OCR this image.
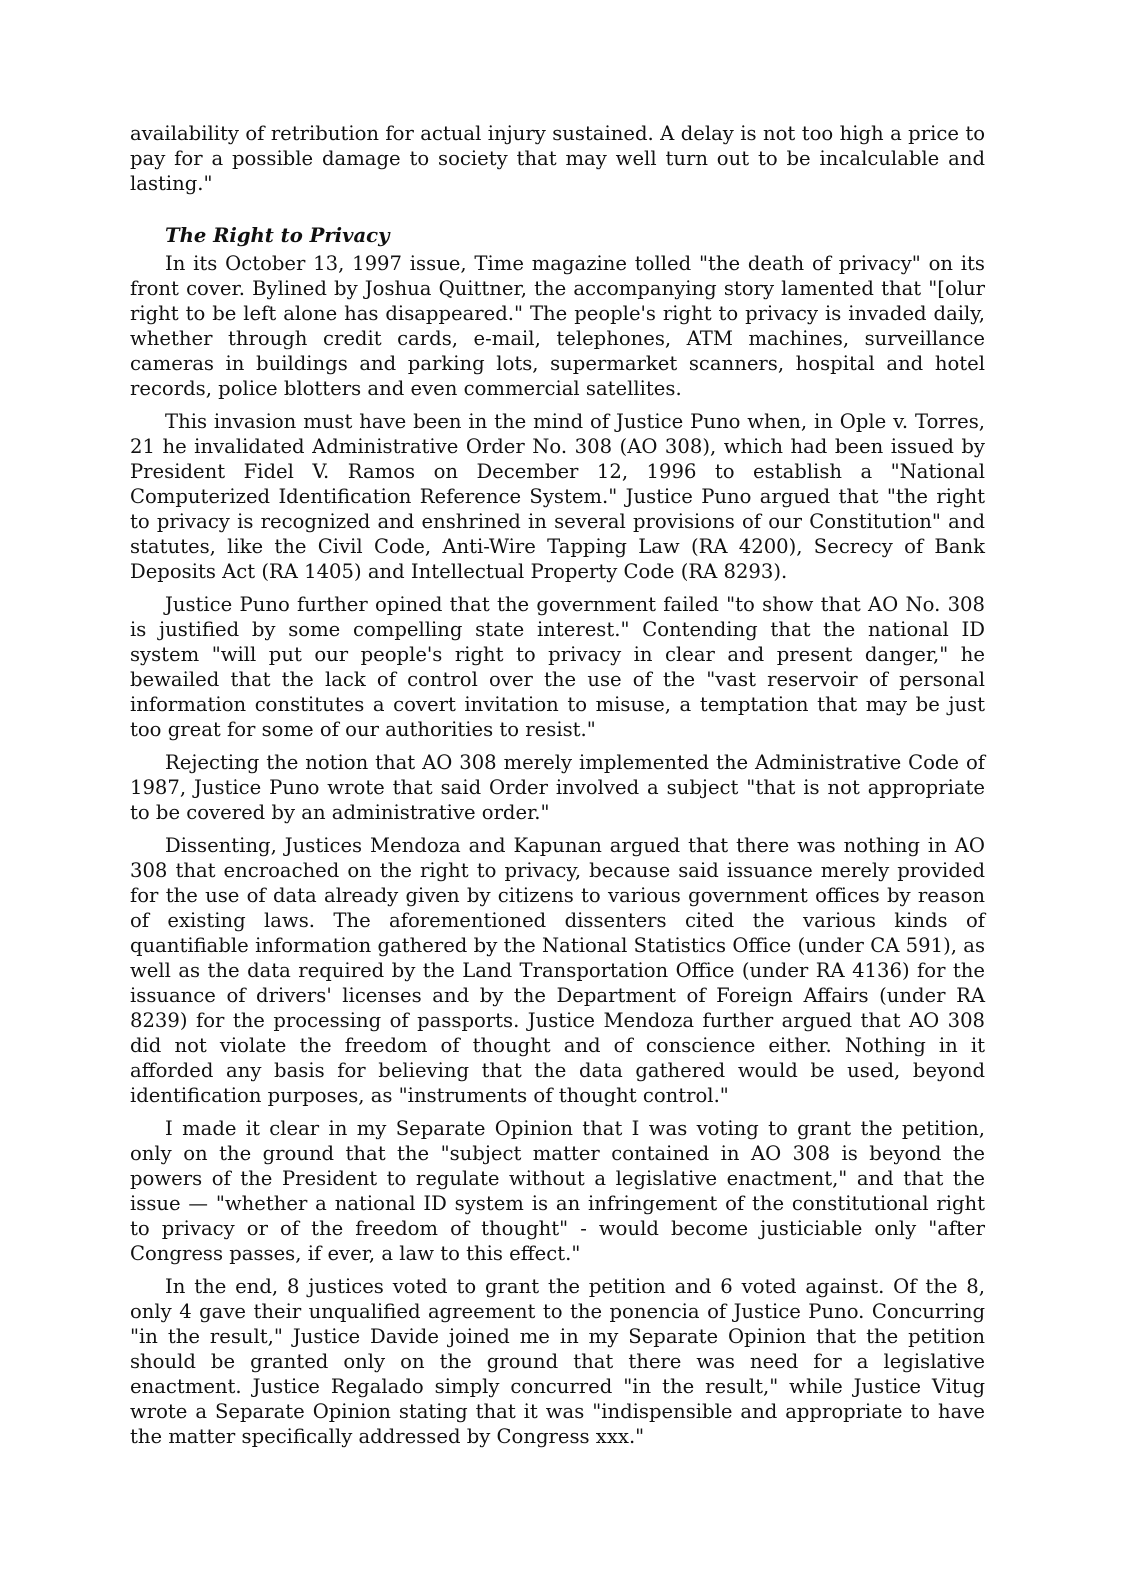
availability of retribution for actual injury sustained. A delay is not too high a price to pay for a possible damage to society that may well turn out to be incalculable and lasting."

The Right to Privacy

In its October 13, 1997 issue, Time magazine tolled "the death of privacy" on its front cover. Bylined by Joshua Quittner, the accompanying story lamented that "[olur right to be left alone has disappeared." The people's right to privacy is invaded daily, whether through credit cards, e-mail, telephones, ATM machines, surveillance cameras in buildings and parking lots, supermarket scanners, hospital and hotel records, police blotters and even commercial satellites.

This invasion must have been in the mind of Justice Puno when, in Ople v. Torres, 21 he invalidated Administrative Order No. 308 (AO 308), which had been issued by President Fidel V. Ramos on December 12, 1996 to establish a "National Computerized Identification Reference System." Justice Puno argued that "the right to privacy is recognized and enshrined in several provisions of our Constitution" and statutes, like the Civil Code, Anti-Wire Tapping Law (RA 4200), Secrecy of Bank Deposits Act (RA 1405) and Intellectual Property Code (RA 8293).

Justice Puno further opined that the government failed "to show that AO No. 308 is justified by some compelling state interest." Contending that the national ID system "will put our people's right to privacy in clear and present danger," he bewailed that the lack of control over the use of the "vast reservoir of personal information constitutes a covert invitation to misuse, a temptation that may be just too great for some of our authorities to resist."

Rejecting the notion that AO 308 merely implemented the Administrative Code of 1987, Justice Puno wrote that said Order involved a subject "that is not appropriate to be covered by an administrative order."

Dissenting, Justices Mendoza and Kapunan argued that there was nothing in AO 308 that encroached on the right to privacy, because said issuance merely provided for the use of data already given by citizens to various government offices by reason of existing laws. The aforementioned dissenters cited the various kinds of quantifiable information gathered by the National Statistics Office (under CA 591), as well as the data required by the Land Transportation Office (under RA 4136) for the issuance of drivers' licenses and by the Department of Foreign Affairs (under RA 8239) for the processing of passports. Justice Mendoza further argued that AO 308 did not violate the freedom of thought and of conscience either. Nothing in it afforded any basis for believing that the data gathered would be used, beyond identification purposes, as "instruments of thought control."

I made it clear in my Separate Opinion that I was voting to grant the petition, only on the ground that the "subject matter contained in AO 308 is beyond the powers of the President to regulate without a legislative enactment," and that the issue — "whether a national ID system is an infringement of the constitutional right to privacy or of the freedom of thought" - would become justiciable only "after Congress passes, if ever, a law to this effect."

In the end, 8 justices voted to grant the petition and 6 voted against. Of the 8, only 4 gave their unqualified agreement to the ponencia of Justice Puno. Concurring "in the result," Justice Davide joined me in my Separate Opinion that the petition should be granted only on the ground that there was need for a legislative enactment. Justice Regalado simply concurred "in the result," while Justice Vitug wrote a Separate Opinion stating that it was "indispensible and appropriate to have the matter specifically addressed by Congress xxx."
